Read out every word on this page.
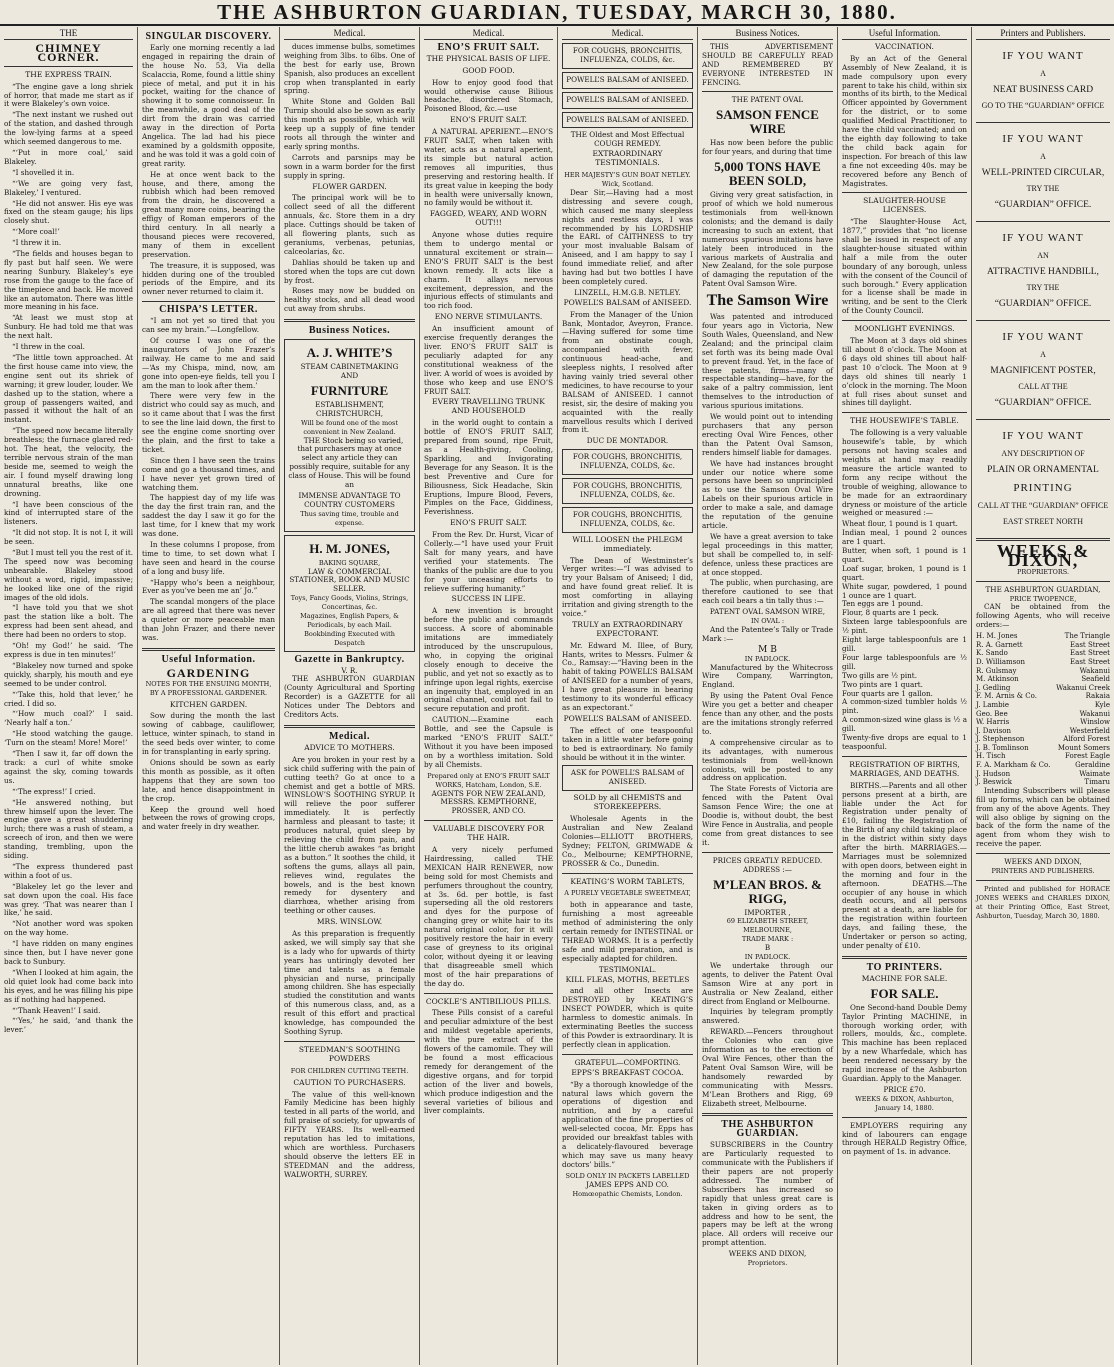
THE ASHBURTON GUARDIAN, TUESDAY, MARCH 30, 1880.
THE
CHIMNEY CORNER.
THE EXPRESS TRAIN.

“The engine gave a long shriek of horror, that made me start as if it were Blakeley’s own voice.

“The next instant we rushed out of the station, and dashed through the low-lying farms at a speed which seemed dangerous to me.

“‘Put in more coal,’ said Blakeley.

“I shovelled it in.

“‘We are going very fast, Blakeley,’ I ventured.

“He did not answer. His eye was fixed on the steam gauge; his lips closely shut.

“‘More coal!’

“I threw it in.

“The fields and houses began to fly past but half seen. We were nearing Sunbury. Blakeley’s eye rose from the gauge to the face of the timepiece and back. He moved like an automaton. There was little more meaning in his face.

“At least we must stop at Sunbury. He had told me that was the next halt.

“I threw in the coal.

“The little town approached. At the first house came into view, the engine sent out its shriek of warning; it grew louder, louder. We dashed up to the station, where a group of passengers waited, and passed it without the halt of an instant.

“The speed now became literally breathless; the furnace glared red-hot. The heat, the velocity, the terrible nervous strain of the man beside me, seemed to weigh the air. I found myself drawing long unnatural breaths, like one drowning.

“I have been conscious of the kind of interrupted stare of the listeners.

“It did not stop. It is not I, it will be seen.

“But I must tell you the rest of it. The speed now was becoming unbearable. Blakeley stood without a word, rigid, impassive; he looked like one of the rigid images of the old idols.

“I have told you that we shot past the station like a bolt. The express had been sent ahead, and there had been no orders to stop.

“Oh! my God!’ he said. ‘The express is due in ten minutes!’

“Blakeley now turned and spoke quickly, sharply, his mouth and eye seemed to be under control.

“‘Take this, hold that lever,’ he cried. I did so.

“‘How much coal?’ I said. ‘Nearly half a ton.’

“He stood watching the gauge. ‘Turn on the steam! More! More!’

“Then I saw it, far off down the track: a curl of white smoke against the sky, coming towards us.

“‘The express!’ I cried.

“He answered nothing, but threw himself upon the lever. The engine gave a great shuddering lurch; there was a rush of steam, a screech of iron, and then we were standing, trembling, upon the siding.

“The express thundered past within a foot of us.

“Blakeley let go the lever and sat down upon the coal. His face was grey. ‘That was nearer than I like,’ he said.

“Not another word was spoken on the way home.

“I have ridden on many engines since then, but I have never gone back to Sunbury.

“When I looked at him again, the old quiet look had come back into his eyes, and he was filling his pipe as if nothing had happened.

“‘Thank Heaven!’ I said.

“‘Yes,’ he said, ‘and thank the lever.’

SINGULAR DISCOVERY.

Early one morning recently a lad engaged in repairing the drain of the house No. 53, Via della Scalaccia, Rome, found a little shiny piece of metal, and put it in his pocket, waiting for the chance of showing it to some connoisseur. In the meanwhile, a good deal of the dirt from the drain was carried away in the direction of Porta Angelica. The lad had his piece examined by a goldsmith opposite, and he was told it was a gold coin of great rarity.

He at once went back to the house, and there, among the rubbish which had been removed from the drain, he discovered a great many more coins, bearing the effigy of Roman emperors of the third century. In all nearly a thousand pieces were recovered, many of them in excellent preservation.

The treasure, it is supposed, was hidden during one of the troubled periods of the Empire, and its owner never returned to claim it.

CHISPA’S LETTER.

“I am not yet so tired that you can see my brain.”—Longfellow.

Of course I was one of the inaugurators of John Frazer’s railway. He came to me and said—‘As my Chispa, mind, now, am gone into open-eye fields, tell you I am the man to look after them.’

There were very few in the district who could say as much, and so it came about that I was the first to see the line laid down, the first to see the engine come snorting over the plain, and the first to take a ticket.

Since then I have seen the trains come and go a thousand times, and I have never yet grown tired of watching them.

The happiest day of my life was the day the first train ran, and the saddest the day I saw it go for the last time, for I knew that my work was done.

In these columns I propose, from time to time, to set down what I have seen and heard in the course of a long and busy life.

“Happy who’s been a neighbour, Ever as you’ve been me an’ Jo.”

The scandal mongers of the place are all agreed that there was never a quieter or more peaceable man than John Frazer, and there never was.

Useful Information.
GARDENING
NOTES FOR THE ENSUING MONTH, BY A PROFESSIONAL GARDENER.
KITCHEN GARDEN.

Sow during the month the last sowing of cabbage, cauliflower, lettuce, winter spinach, to stand in the seed beds over winter, to come in for transplanting in early spring.

Onions should be sown as early this month as possible, as it often happens that they are sown too late, and hence disappointment in the crop.

Keep the ground well hoed between the rows of growing crops, and water freely in dry weather.

Medical.

duces immense bulbs, sometimes weighing from 3lbs. to 6lbs. One of the best for early use, Brown Spanish, also produces an excellent crop when transplanted in early spring.

White Stone and Golden Ball Turnip should also be sown as early this month as possible, which will keep up a supply of fine tender roots all through the winter and early spring months.

Carrots and parsnips may be sown in a warm border for the first supply in spring.

FLOWER GARDEN.

The principal work will be to collect seed of all the different annuals, &c. Store them in a dry place. Cuttings should be taken of all flowering plants, such as geraniums, verbenas, petunias, calceolarias, &c.

Dahlias should be taken up and stored when the tops are cut down by frost.

Roses may now be budded on healthy stocks, and all dead wood cut away from shrubs.

Business Notices.
A. J. WHITE’S
STEAM CABINETMAKING
AND
FURNITURE
ESTABLISHMENT,
CHRISTCHURCH,
Will be found one of the most convenient in New Zealand.

THE Stock being so varied, that purchasers may at once select any article they can possibly require, suitable for any class of House. This will be found an

IMMENSE ADVANTAGE TO COUNTRY CUSTOMERS
Thus saving time, trouble and expense.
H. M. JONES,
BAKING SQUARE,
LAW & COMMERCIAL STATIONER, BOOK AND MUSIC SELLER.
Toys, Fancy Goods, Violins, Strings, Concertinas, &c.
Magazines, English Papers, & Periodicals, by each Mail.
Bookbinding Executed with Despatch
Gazette in Bankruptcy.
V. R.

THE ASHBURTON GUARDIAN (County Agricultural and Sporting Recorder) is a GAZETTE for all Notices under The Debtors and Creditors Acts.

Medical.
ADVICE TO MOTHERS.

Are you broken in your rest by a sick child suffering with the pain of cutting teeth? Go at once to a chemist and get a bottle of MRS. WINSLOW’S SOOTHING SYRUP. It will relieve the poor sufferer immediately. It is perfectly harmless and pleasant to taste; it produces natural, quiet sleep by relieving the child from pain, and the little cherub awakes “as bright as a button.” It soothes the child, it softens the gums, allays all pain, relieves wind, regulates the bowels, and is the best known remedy for dysentery and diarrhœa, whether arising from teething or other causes.

MRS. WINSLOW.

As this preparation is frequently asked, we will simply say that she is a lady who for upwards of thirty years has untiringly devoted her time and talents as a female physician and nurse, principally among children. She has especially studied the constitution and wants of this numerous class, and, as a result of this effort and practical knowledge, has compounded the Soothing Syrup.

STEEDMAN’S SOOTHING POWDERS
FOR CHILDREN CUTTING TEETH.
CAUTION TO PURCHASERS.

The value of this well-known Family Medicine has been highly tested in all parts of the world, and full praise of society, for upwards of FIFTY YEARS. Its well-earned reputation has led to imitations, which are worthless. Purchasers should observe the letters EE in STEEDMAN and the address, WALWORTH, SURREY.

Medical.
ENO’S FRUIT SALT.
THE PHYSICAL BASIS OF LIFE.
GOOD FOOD.

How to enjoy good food that would otherwise cause Bilious headache, disordered Stomach, Poisoned Blood, &c.—use

ENO’S FRUIT SALT.

A NATURAL APERIENT.—ENO’S FRUIT SALT, when taken with water, acts as a natural aperient, its simple but natural action removes all impurities, thus preserving and restoring health. If its great value in keeping the body in health were universally known, no family would be without it.

FAGGED, WEARY, AND WORN OUT!!!

Anyone whose duties require them to undergo mental or unnatural excitement or strain—ENO’S FRUIT SALT is the best known remedy. It acts like a charm. It allays nervous excitement, depression, and the injurious effects of stimulants and too rich food.

ENO NERVE STIMULANTS.

An insufficient amount of exercise frequently deranges the liver. ENO’S FRUIT SALT is peculiarly adapted for any constitutional weakness of the liver. A world of woes is avoided by those who keep and use ENO’S FRUIT SALT.

EVERY TRAVELLING TRUNK AND HOUSEHOLD

in the world ought to contain a bottle of ENO’S FRUIT SALT, prepared from sound, ripe Fruit, as a Health-giving, Cooling, Sparkling, and Invigorating Beverage for any Season. It is the best Preventive and Cure for Biliousness, Sick Headache, Skin Eruptions, Impure Blood, Fevers, Pimples on the Face, Giddiness, Feverishness.

ENO’S FRUIT SALT.

From the Rev. Dr. Hurst, Vicar of Collerly.—“I have used your Fruit Salt for many years, and have verified your statements. The thanks of the public are due to you for your unceasing efforts to relieve suffering humanity.”

SUCCESS IN LIFE.

A new invention is brought before the public and commands success. A score of abominable imitations are immediately introduced by the unscrupulous, who, in copying the original closely enough to deceive the public, and yet not so exactly as to infringe upon legal rights, exercise an ingenuity that, employed in an original channel, could not fail to secure reputation and profit.

CAUTION.—Examine each Bottle, and see the Capsule is marked “ENO’S FRUIT SALT.” Without it you have been imposed on by a worthless imitation. Sold by all Chemists.

Prepared only at ENO’S FRUIT SALT WORKS, Hatcham, London, S.E.
AGENTS FOR NEW ZEALAND,
MESSRS. KEMPTHORNE, PROSSER, AND CO.
VALUABLE DISCOVERY FOR THE HAIR.

A very nicely perfumed Hairdressing, called THE MEXICAN HAIR RENEWER, now being sold for most Chemists and perfumers throughout the country, at 3s. 6d. per bottle, is fast superseding all the old restorers and dyes for the purpose of changing grey or white hair to its natural original color, for it will positively restore the hair in every case of greyness to its original color, without dyeing it or leaving that disagreeable smell which most of the hair preparations of the day do.

COCKLE’S ANTIBILIOUS PILLS.

These Pills consist of a careful and peculiar admixture of the best and mildest vegetable aperients, with the pure extract of the flowers of the camomile. They will be found a most efficacious remedy for derangement of the digestive organs, and for torpid action of the liver and bowels, which produce indigestion and the several varieties of bilious and liver complaints.

Medical.
FOR COUGHS, BRONCHITIS, INFLUENZA, COLDS, &c.
POWELL’S BALSAM of ANISEED.
POWELL’S BALSAM of ANISEED.
POWELL’S BALSAM of ANISEED.
THE Oldest and Most Effectual COUGH REMEDY.
EXTRAORDINARY TESTIMONIALS.
HER MAJESTY’S GUN BOAT NETLEY. Wick, Scotland.

Dear Sir,—Having had a most distressing and severe cough, which caused me many sleepless nights and restless days, I was recommended by his LORDSHIP the EARL of CAITHNESS to try your most invaluable Balsam of Aniseed, and I am happy to say I found immediate relief, and after having had but two bottles I have been completely cured.

LINZELL, H.M.G.B. NETLEY.
POWELL’S BALSAM of ANISEED.

From the Manager of the Union Bank, Montador, Aveyron, France.—Having suffered for some time from an obstinate cough, accompanied with fever, continuous head-ache, and sleepless nights, I resolved after having vainly tried several other medicines, to have recourse to your BALSAM of ANISEED. I cannot resist, sir, the desire of making you acquainted with the really marvellous results which I derived from it.

DUC DE MONTADOR.
FOR COUGHS, BRONCHITIS, INFLUENZA, COLDS, &c.
FOR COUGHS, BRONCHITIS, INFLUENZA, COLDS, &c.
FOR COUGHS, BRONCHITIS, INFLUENZA, COLDS, &c.
WILL LOOSEN the PHLEGM immediately.

The Dean of Westminster’s Verger writes:—“I was advised to try your Balsam of Aniseed; I did, and have found great relief. It is most comforting in allaying irritation and giving strength to the voice.”

TRULY an EXTRAORDINARY EXPECTORANT.

Mr. Edward M. Illee, of Bury, Hants, writes to Messrs. Fulmer & Co., Ramsay:—“Having been in the habit of taking POWELL’S BALSAM of ANISEED for a number of years, I have great pleasure in bearing testimony to its wonderful efficacy as an expectorant.”

POWELL’S BALSAM of ANISEED.

The effect of one teaspoonful taken in a little water before going to bed is extraordinary. No family should be without it in the winter.

ASK for POWELL’S BALSAM of ANISEED.
SOLD by all CHEMISTS and STOREKEEPERS.

Wholesale Agents in the Australian and New Zealand Colonies—ELLIOTT BROTHERS, Sydney; FELTON, GRIMWADE & Co., Melbourne; KEMPTHORNE, PROSSER & Co., Dunedin.

KEATING’S WORM TABLETS,
A PURELY VEGETABLE SWEETMEAT,

both in appearance and taste, furnishing a most agreeable method of administering the only certain remedy for INTESTINAL or THREAD WORMS. It is a perfectly safe and mild preparation, and is especially adapted for children.

TESTIMONIAL.
KILL FLEAS, MOTHS, BEETLES

and all other Insects are DESTROYED by KEATING’S INSECT POWDER, which is quite harmless to domestic animals. In exterminating Beetles the success of this Powder is extraordinary. It is perfectly clean in application.

GRATEFUL—COMFORTING.
EPPS’S BREAKFAST COCOA.

“By a thorough knowledge of the natural laws which govern the operations of digestion and nutrition, and by a careful application of the fine properties of well-selected cocoa, Mr. Epps has provided our breakfast tables with a delicately-flavoured beverage which may save us many heavy doctors’ bills.”

SOLD ONLY IN PACKETS LABELLED
JAMES EPPS AND CO.
Homœopathic Chemists, London.
Business Notices.

THIS ADVERTISEMENT SHOULD BE CAREFULLY READ AND REMEMBERED BY EVERYONE INTERESTED IN FENCING.

THE PATENT OVAL
SAMSON FENCE WIRE

Has now been before the public for four years, and during that time

5,000 TONS HAVE BEEN SOLD,

Giving very great satisfaction, in proof of which we hold numerous testimonials from well-known colonists; and the demand is daily increasing to such an extent, that numerous spurious imitations have lately been introduced in the various markets of Australia and New Zealand, for the sole purpose of damaging the reputation of the Patent Oval Samson Wire.

The Samson Wire

Was patented and introduced four years ago in Victoria, New South Wales, Queensland, and New Zealand; and the principal claim set forth was its being made Oval to prevent fraud. Yet, in the face of these patents, firms—many of respectable standing—have, for the sake of a paltry commission, lent themselves to the introduction of various spurious imitations.

We would point out to intending purchasers that any person erecting Oval Wire Fences, other than the Patent Oval Samson, renders himself liable for damages.

We have had instances brought under our notice where some persons have been so unprincipled as to use the Samson Oval Wire Labels on their spurious article in order to make a sale, and damage the reputation of the genuine article.

We have a great aversion to take legal proceedings in this matter, but shall be compelled to, in self-defence, unless these practices are at once stopped.

The public, when purchasing, are therefore cautioned to see that each coil bears a tin tally thus :—

PATENT OVAL SAMSON WIRE,
IN OVAL :

And the Patentee’s Tally or Trade Mark :—

M B
IN PADLOCK.

Manufactured by the Whitecross Wire Company, Warrington, England.

By using the Patent Oval Fence Wire you get a better and cheaper fence than any other, and the posts are the imitations strongly referred to.

A comprehensive circular as to its advantages, with numerous testimonials from well-known colonists, will be posted to any address on application.

The State Forests of Victoria are fenced with the Patent Oval Samson Fence Wire; the one at Doodie is, without doubt, the best Wire Fence in Australia, and people come from great distances to see it.

PRICES GREATLY REDUCED.
ADDRESS :—
M’LEAN BROS. & RIGG,
IMPORTER ,
69 ELIZABETH STREET, MELBOURNE,
TRADE MARK :
B
IN PADLOCK.

We undertake through our agents, to deliver the Patent Oval Samson Wire at any port in Australia or New Zealand, either direct from England or Melbourne.

Inquiries by telegram promptly answered.

REWARD.—Fencers throughout the Colonies who can give information as to the erection of Oval Wire Fences, other than the Patent Oval Samson Wire, will be handsomely rewarded by communicating with Messrs. M’Lean Brothers and Rigg, 69 Elizabeth street, Melbourne.

THE ASHBURTON GUARDIAN.

SUBSCRIBERS in the Country are Particularly requested to communicate with the Publishers if their papers are not properly addressed. The number of Subscribers has increased so rapidly that unless great care is taken in giving orders as to address and how to be sent, the papers may be left at the wrong place. All orders will receive our prompt attention.

WEEKS AND DIXON,
Proprietors.
Useful Information.
VACCINATION.

By an Act of the General Assembly of New Zealand, it is made compulsory upon every parent to take his child, within six months of its birth, to the Medical Officer appointed by Government for the district, or to some qualified Medical Practitioner, to have the child vaccinated; and on the eighth day following to take the child back again for inspection. For breach of this law a fine not exceeding 40s. may be recovered before any Bench of Magistrates.

SLAUGHTER-HOUSE LICENSES.

“The Slaughter-House Act, 1877,” provides that “no license shall be issued in respect of any slaughter-house situated within half a mile from the outer boundary of any borough, unless with the consent of the Council of such borough.” Every application for a license shall be made in writing, and be sent to the Clerk of the County Council.

MOONLIGHT EVENINGS.

The Moon at 3 days old shines till about 8 o’clock. The Moon at 6 days old shines till about half-past 10 o’clock. The Moon at 9 days old shines till nearly 1 o’clock in the morning. The Moon at full rises about sunset and shines till daylight.

THE HOUSEWIFE’S TABLE.

The following is a very valuable housewife’s table, by which persons not having scales and weights at hand may readily measure the article wanted to form any recipe without the trouble of weighing, allowance to be made for an extraordinary dryness or moisture of the article weighed or measured :—

Wheat flour, 1 pound is 1 quart.
Indian meal, 1 pound 2 ounces are 1 quart.
Butter, when soft, 1 pound is 1 quart.
Loaf sugar, broken, 1 pound is 1 quart.
White sugar, powdered, 1 pound 1 ounce are 1 quart.
Ten eggs are 1 pound.
Flour, 8 quarts are 1 peck.
Sixteen large tablespoonfuls are ½ pint.
Eight large tablespoonfuls are 1 gill.
Four large tablespoonfuls are ½ gill.
Two gills are ½ pint.
Two pints are 1 quart.
Four quarts are 1 gallon.
A common-sized tumbler holds ½ pint.
A common-sized wine glass is ½ a gill.
Twenty-five drops are equal to 1 teaspoonful.
REGISTRATION OF BIRTHS, MARRIAGES, AND DEATHS.

BIRTHS.—Parents and all other persons present at a birth, are liable under the Act for Registration under penalty of £10, failing the Registration of the Birth of any child taking place in the district within sixty days after the birth. MARRIAGES.—Marriages must be solemnized with open doors, between eight in the morning and four in the afternoon. DEATHS.—The occupier of any house in which death occurs, and all persons present at a death, are liable for the registration within fourteen days, and failing these, the Undertaker or person so acting, under penalty of £10.

TO PRINTERS.
MACHINE FOR SALE.
FOR SALE.

One Second-hand Double Demy Taylor Printing MACHINE, in thorough working order, with rollers, moulds, &c., complete. This machine has been replaced by a new Wharfedale, which has been rendered necessary by the rapid increase of the Ashburton Guardian. Apply to the Manager.

PRICE £70.
WEEKS & DIXON, Ashburton, January 14, 1880.

EMPLOYERS requiring any kind of labourers can engage through HERALD Registry Office, on payment of 1s. in advance.

Printers and Publishers.
IF YOU WANT
A
NEAT BUSINESS CARD
GO TO THE “GUARDIAN” OFFICE
IF YOU WANT
A
WELL-PRINTED CIRCULAR,
TRY THE
“GUARDIAN” OFFICE.
IF YOU WANT
AN
ATTRACTIVE HANDBILL,
TRY THE
“GUARDIAN” OFFICE.
IF YOU WANT
A
MAGNIFICENT POSTER,
CALL AT THE
“GUARDIAN” OFFICE.
IF YOU WANT
ANY DESCRIPTION OF
PLAIN OR ORNAMENTAL
PRINTING
CALL AT THE “GUARDIAN” OFFICE
EAST STREET NORTH
WEEKS & DIXON,
PROPRIETORS.
THE ASHBURTON GUARDIAN,
PRICE TWOPENCE,

CAN be obtained from the following Agents, who will receive orders:—

H. M. Jones	The Triangle
R. A. Garnett	East Street
K. Sando	East Street
D. Williamson	East Street
R. Gulsmay	Wakanui
M. Atkinson	Seafield
J. Gedling	Wakanui Creek
F. M. Arnis & Co.	Rakaia
J. Lambie	Kyle
Geo. Bee	Wakanui
W. Harris	Winslow
J. Davison	Westerfield
J. Stephenson	Alford Forest
J. B. Tomlinson	Mount Somers
H. Tisch	Forest Eagle
F. A. Markham & Co.	Geraldine
J. Hudson	Waimate
J. Beswick	Timaru

Intending Subscribers will please fill up forms, which can be obtained from any of the above Agents. They will also oblige by signing on the back of the form the name of the agent from whom they wish to receive the paper.

WEEKS AND DIXON,
PRINTERS AND PUBLISHERS.

Printed and published for HORACE JONES WEEKS and CHARLES DIXON, at their Printing Office, East Street, Ashburton, Tuesday, March 30, 1880.
